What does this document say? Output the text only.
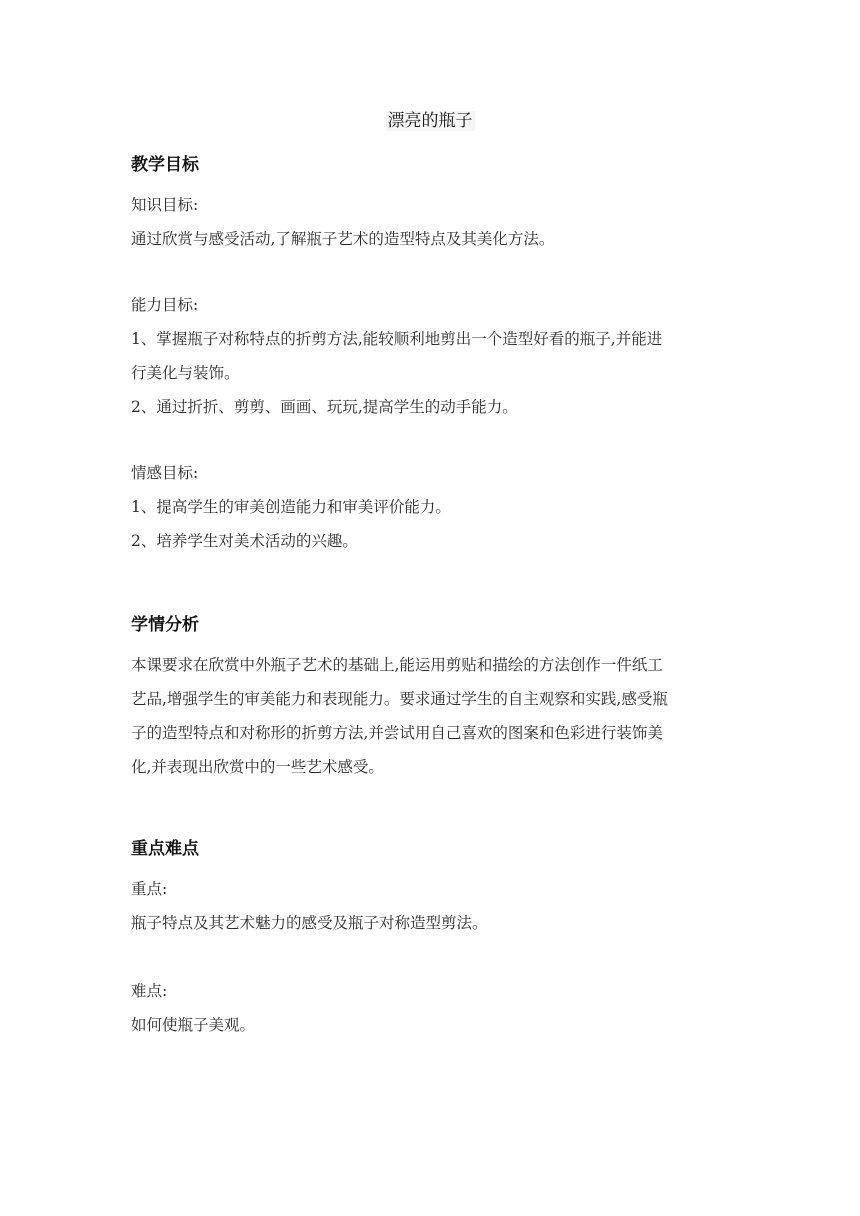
漂亮的瓶子
教学目标
知识目标:
通过欣赏与感受活动,了解瓶子艺术的造型特点及其美化方法。
能力目标:
1、掌握瓶子对称特点的折剪方法,能较顺利地剪出一个造型好看的瓶子,并能进
行美化与装饰。
2、通过折折、剪剪、画画、玩玩,提高学生的动手能力。
情感目标:
1、提高学生的审美创造能力和审美评价能力。
2、培养学生对美术活动的兴趣。
学情分析
本课要求在欣赏中外瓶子艺术的基础上,能运用剪贴和描绘的方法创作一件纸工
艺品,增强学生的审美能力和表现能力。要求通过学生的自主观察和实践,感受瓶
子的造型特点和对称形的折剪方法,并尝试用自己喜欢的图案和色彩进行装饰美
化,并表现出欣赏中的一些艺术感受。
重点难点
重点:
瓶子特点及其艺术魅力的感受及瓶子对称造型剪法。
难点:
如何使瓶子美观。
